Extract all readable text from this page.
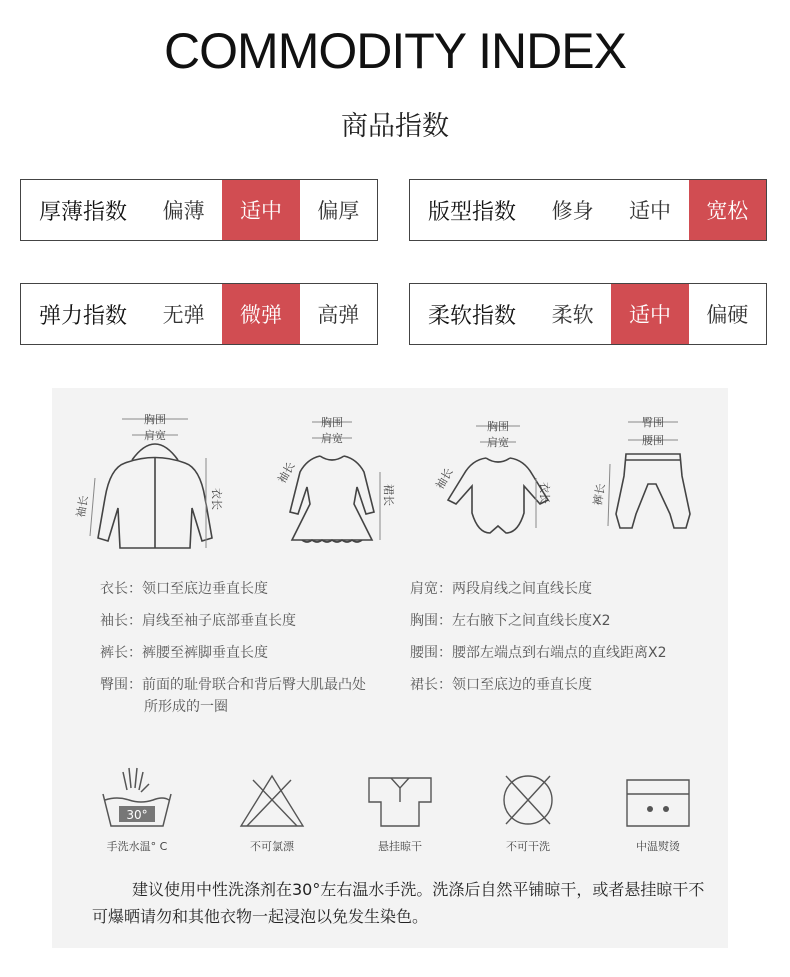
COMMODITY INDEX
商品指数
厚薄指数	偏薄	适中	偏厚	版型指数	修身	适中	宽松
弹力指数	无弹	微弹	高弹	柔软指数	柔软	适中	偏硬
胸围
肩宽
衣长
袖长
胸围
肩宽
裙长
袖长
胸围
肩宽
衣长
袖长
臀围
腰围
裤长
衣长：领口至底边垂直长度	肩宽：两段肩线之间直线长度
袖长：肩线至袖子底部垂直长度	胸围：左右腋下之间直线长度X2
裤长：裤腰至裤脚垂直长度	腰围：腰部左端点到右端点的直线距离X2
臀围：前面的耻骨联合和背后臀大肌最凸处	裙长：领口至底边的垂直长度
所形成的一圈
30°
手洗水温° C	不可氯漂	悬挂晾干	不可干洗	中温熨烫
建议使用中性洗涤剂在30°左右温水手洗。洗涤后自然平铺晾干，或者悬挂晾干不可爆晒请勿和其他衣物一起浸泡以免发生染色。
